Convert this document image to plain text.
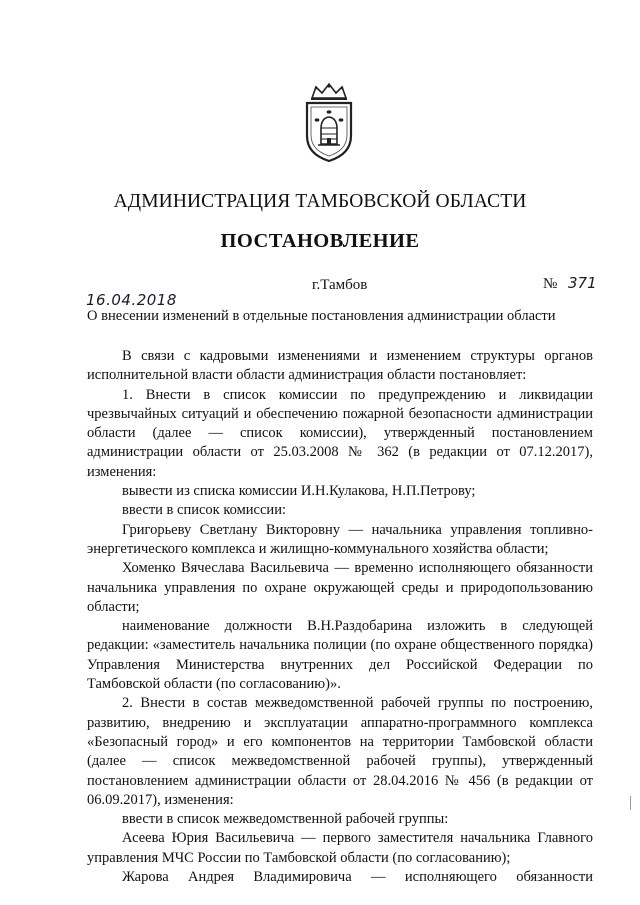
АДМИНИСТРАЦИЯ ТАМБОВСКОЙ ОБЛАСТИ
ПОСТАНОВЛЕНИЕ
г.Тамбов	№ 371
16.04.2018
О внесении изменений в отдельные постановления администрации области

В связи с кадровыми изменениями и изменением структуры органов исполнительной власти области администрация области постановляет:

1. Внести в список комиссии по предупреждению и ликвидации чрезвычайных ситуаций и обеспечению пожарной безопасности администрации области (далее — список комиссии), утвержденный постановлением администрации области от 25.03.2008 № 362 (в редакции от 07.12.2017), изменения:

вывести из списка комиссии И.Н.Кулакова, Н.П.Петрову;

ввести в список комиссии:

Григорьеву Светлану Викторовну — начальника управления топливно-энергетического комплекса и жилищно-коммунального хозяйства области;

Хоменко Вячеслава Васильевича — временно исполняющего обязанности начальника управления по охране окружающей среды и природопользованию области;

наименование должности В.Н.Раздобарина изложить в следующей редакции: «заместитель начальника полиции (по охране общественного порядка) Управления Министерства внутренних дел Российской Федерации по Тамбовской области (по согласованию)».

2. Внести в состав межведомственной рабочей группы по построению, развитию, внедрению и эксплуатации аппаратно-программного комплекса «Безопасный город» и его компонентов на территории Тамбовской области (далее — список межведомственной рабочей группы), утвержденный постановлением администрации области от 28.04.2016 № 456 (в редакции от 06.09.2017), изменения:

ввести в список межведомственной рабочей группы:

Асеева Юрия Васильевича — первого заместителя начальника Главного управления МЧС России по Тамбовской области (по согласованию);

Жарова Андрея Владимировича — исполняющего обязанности
